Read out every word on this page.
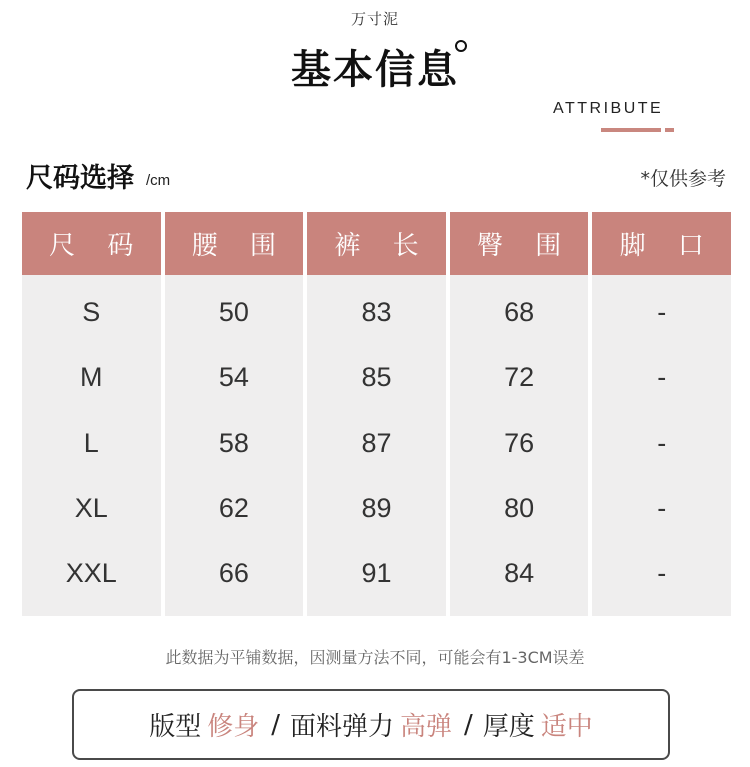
万寸泥
基本信息
ATTRIBUTE
尺码选择 /cm	*仅供参考
尺 码
S
M
L
XL
XXL
腰 围
50
54
58
62
66
裤 长
83
85
87
89
91
臀 围
68
72
76
80
84
脚 口
-
-
-
-
-
此数据为平铺数据，因测量方法不同，可能会有1-3CM误差
版型 修身 / 面料弹力 高弹 / 厚度 适中
